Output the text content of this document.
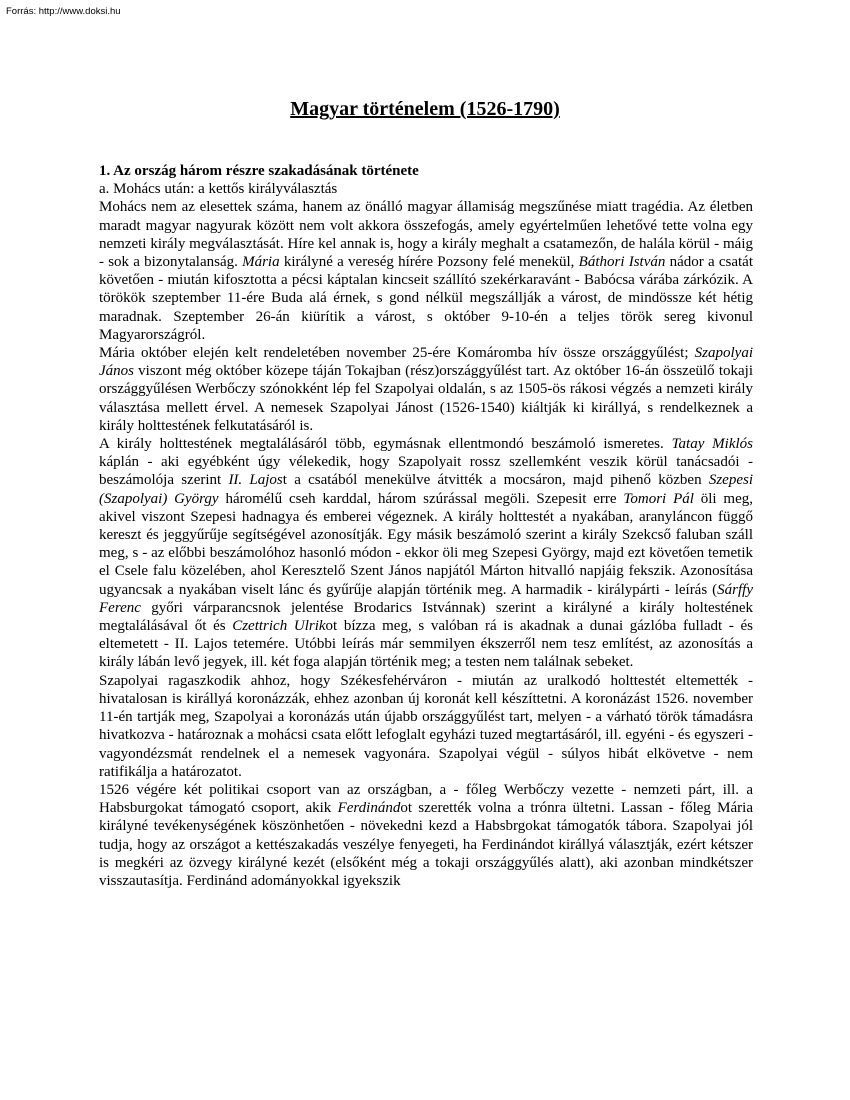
Forrás: http://www.doksi.hu
Magyar történelem (1526-1790)

1. Az ország három részre szakadásának története

a. Mohács után: a kettős királyválasztás

Mohács nem az elesettek száma, hanem az önálló magyar államiság megszűnése miatt tragédia. Az életben maradt magyar nagyurak között nem volt akkora összefogás, amely egyértelműen lehetővé tette volna egy nemzeti király megválasztását. Híre kel annak is, hogy a király meghalt a csatamezőn, de halála körül - máig - sok a bizonytalanság. Mária királyné a vereség hírére Pozsony felé menekül, Báthori István nádor a csatát követően - miután kifosztotta a pécsi káptalan kincseit szállító szekérkaravánt - Babócsa várába zárkózik. A törökök szeptember 11-ére Buda alá érnek, s gond nélkül megszállják a várost, de mindössze két hétig maradnak. Szeptember 26-án kiürítik a várost, s október 9-10-én a teljes török sereg kivonul Magyarországról.

Mária október elején kelt rendeletében november 25-ére Komáromba hív össze országgyűlést; Szapolyai János viszont még október közepe táján Tokajban (rész)országgyűlést tart. Az október 16-án összeülő tokaji országgyűlésen Werbőczy szónokként lép fel Szapolyai oldalán, s az 1505-ös rákosi végzés a nemzeti király választása mellett érvel. A nemesek Szapolyai Jánost (1526-1540) kiáltják ki királlyá, s rendelkeznek a király holttestének felkutatásáról is.

A király holttestének megtalálásáról több, egymásnak ellentmondó beszámoló ismeretes. Tatay Miklós káplán - aki egyébként úgy vélekedik, hogy Szapolyait rossz szellemként veszik körül tanácsadói - beszámolója szerint II. Lajost a csatából menekülve átvitték a mocsáron, majd pihenő közben Szepesi (Szapolyai) György háromélű cseh karddal, három szúrással megöli. Szepesit erre Tomori Pál öli meg, akivel viszont Szepesi hadnagya és emberei végeznek. A király holttestét a nyakában, aranyláncon függő kereszt és jeggyűrűje segítségével azonosítják. Egy másik beszámoló szerint a király Szekcső faluban száll meg, s - az előbbi beszámolóhoz hasonló módon - ekkor öli meg Szepesi György, majd ezt követően temetik el Csele falu közelében, ahol Keresztelő Szent János napjától Márton hitvalló napjáig fekszik. Azonosítása ugyancsak a nyakában viselt lánc és gyűrűje alapján történik meg. A harmadik - királypárti - leírás (Sárffy Ferenc győri várparancsnok jelentése Brodarics Istvánnak) szerint a királyné a király holtestének megtalálásával őt és Czettrich Ulrikot bízza meg, s valóban rá is akadnak a dunai gázlóba fulladt - és eltemetett - II. Lajos tetemére. Utóbbi leírás már semmilyen ékszerről nem tesz említést, az azonosítás a király lábán levő jegyek, ill. két foga alapján történik meg; a testen nem találnak sebeket.

Szapolyai ragaszkodik ahhoz, hogy Székesfehérváron - miután az uralkodó holttestét eltemették - hivatalosan is királlyá koronázzák, ehhez azonban új koronát kell készíttetni. A koronázást 1526. november 11-én tartják meg, Szapolyai a koronázás után újabb országgyűlést tart, melyen - a várható török támadásra hivatkozva - határoznak a mohácsi csata előtt lefoglalt egyházi tuzed megtartásáról, ill. egyéni - és egyszeri - vagyondézsmát rendelnek el a nemesek vagyonára. Szapolyai végül - súlyos hibát elkövetve - nem ratifikálja a határozatot.

1526 végére két politikai csoport van az országban, a - főleg Werbőczy vezette - nemzeti párt, ill. a Habsburgokat támogató csoport, akik Ferdinándot szerették volna a trónra ültetni. Lassan - főleg Mária királyné tevékenységének köszönhetően - növekedni kezd a Habsbrgokat támogatók tábora. Szapolyai jól tudja, hogy az országot a kettészakadás veszélye fenyegeti, ha Ferdinándot királlyá választják, ezért kétszer is megkéri az özvegy királyné kezét (elsőként még a tokaji országgyűlés alatt), aki azonban mindkétszer visszautasítja. Ferdinánd adományokkal igyekszik
